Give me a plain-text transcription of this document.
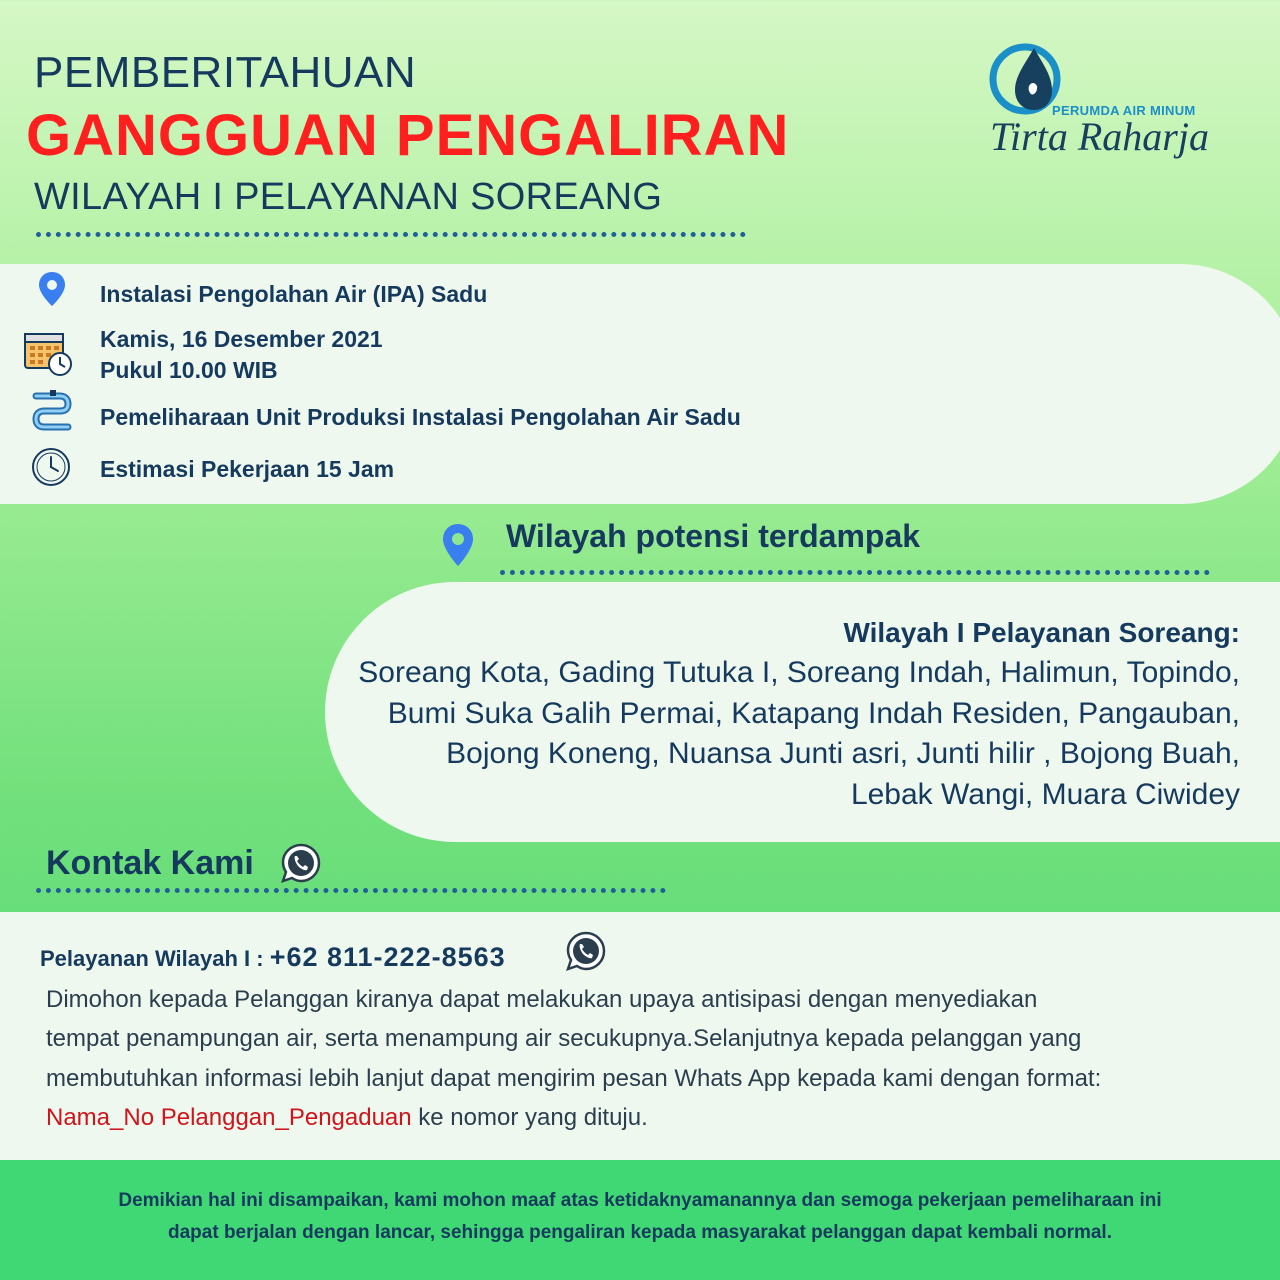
PEMBERITAHUAN
GANGGUAN PENGALIRAN
WILAYAH I PELAYANAN SOREANG
PERUMDA AIR MINUM
Tirta Raharja
Instalasi Pengolahan Air (IPA) Sadu
Kamis, 16 Desember 2021
Pukul 10.00 WIB
Pemeliharaan Unit Produksi Instalasi Pengolahan Air Sadu
Estimasi Pekerjaan 15 Jam
Wilayah potensi terdampak
Wilayah I Pelayanan Soreang:
Soreang Kota, Gading Tutuka I, Soreang Indah, Halimun, Topindo,
Bumi Suka Galih Permai, Katapang Indah Residen, Pangauban,
Bojong Koneng, Nuansa Junti asri, Junti hilir , Bojong Buah,
Lebak Wangi, Muara Ciwidey
Kontak Kami
Pelayanan Wilayah I : +62 811-222-8563
Dimohon kepada Pelanggan kiranya dapat melakukan upaya antisipasi dengan menyediakan
tempat penampungan air, serta menampung air secukupnya.Selanjutnya kepada pelanggan yang
membutuhkan informasi lebih lanjut dapat mengirim pesan Whats App kepada kami dengan format:
Nama_No Pelanggan_Pengaduan ke nomor yang dituju.
Demikian hal ini disampaikan, kami mohon maaf atas ketidaknyamanannya dan semoga pekerjaan pemeliharaan ini
dapat berjalan dengan lancar, sehingga pengaliran kepada masyarakat pelanggan dapat kembali normal.
